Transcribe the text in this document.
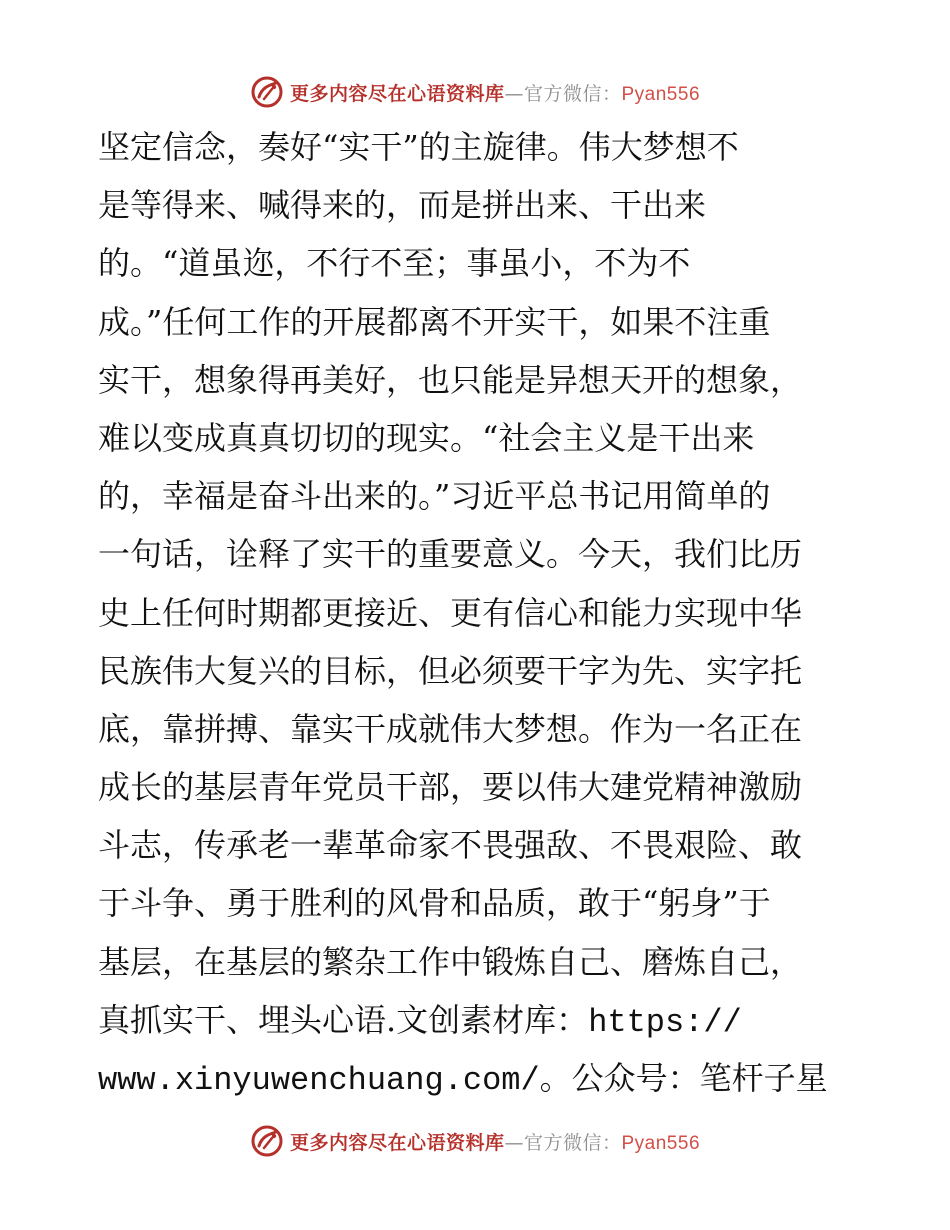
更多内容尽在心语资料库—官方微信：Pyan556
坚定信念，奏好“实干”的主旋律。伟大梦想不
是等得来、喊得来的，而是拼出来、干出来
的。“道虽迩，不行不至；事虽小，不为不
成。”任何工作的开展都离不开实干，如果不注重
实干，想象得再美好，也只能是异想天开的想象，
难以变成真真切切的现实。“社会主义是干出来
的，幸福是奋斗出来的。”习近平总书记用简单的
一句话，诠释了实干的重要意义。今天，我们比历
史上任何时期都更接近、更有信心和能力实现中华
民族伟大复兴的目标，但必须要干字为先、实字托
底，靠拼搏、靠实干成就伟大梦想。作为一名正在
成长的基层青年党员干部，要以伟大建党精神激励
斗志，传承老一辈革命家不畏强敌、不畏艰险、敢
于斗争、勇于胜利的风骨和品质，敢于“躬身”于
基层，在基层的繁杂工作中锻炼自己、磨炼自己，
真抓实干、埋头心语.文创素材库：https://
www.xinyuwenchuang.com/。公众号：笔杆子星
更多内容尽在心语资料库—官方微信：Pyan556
